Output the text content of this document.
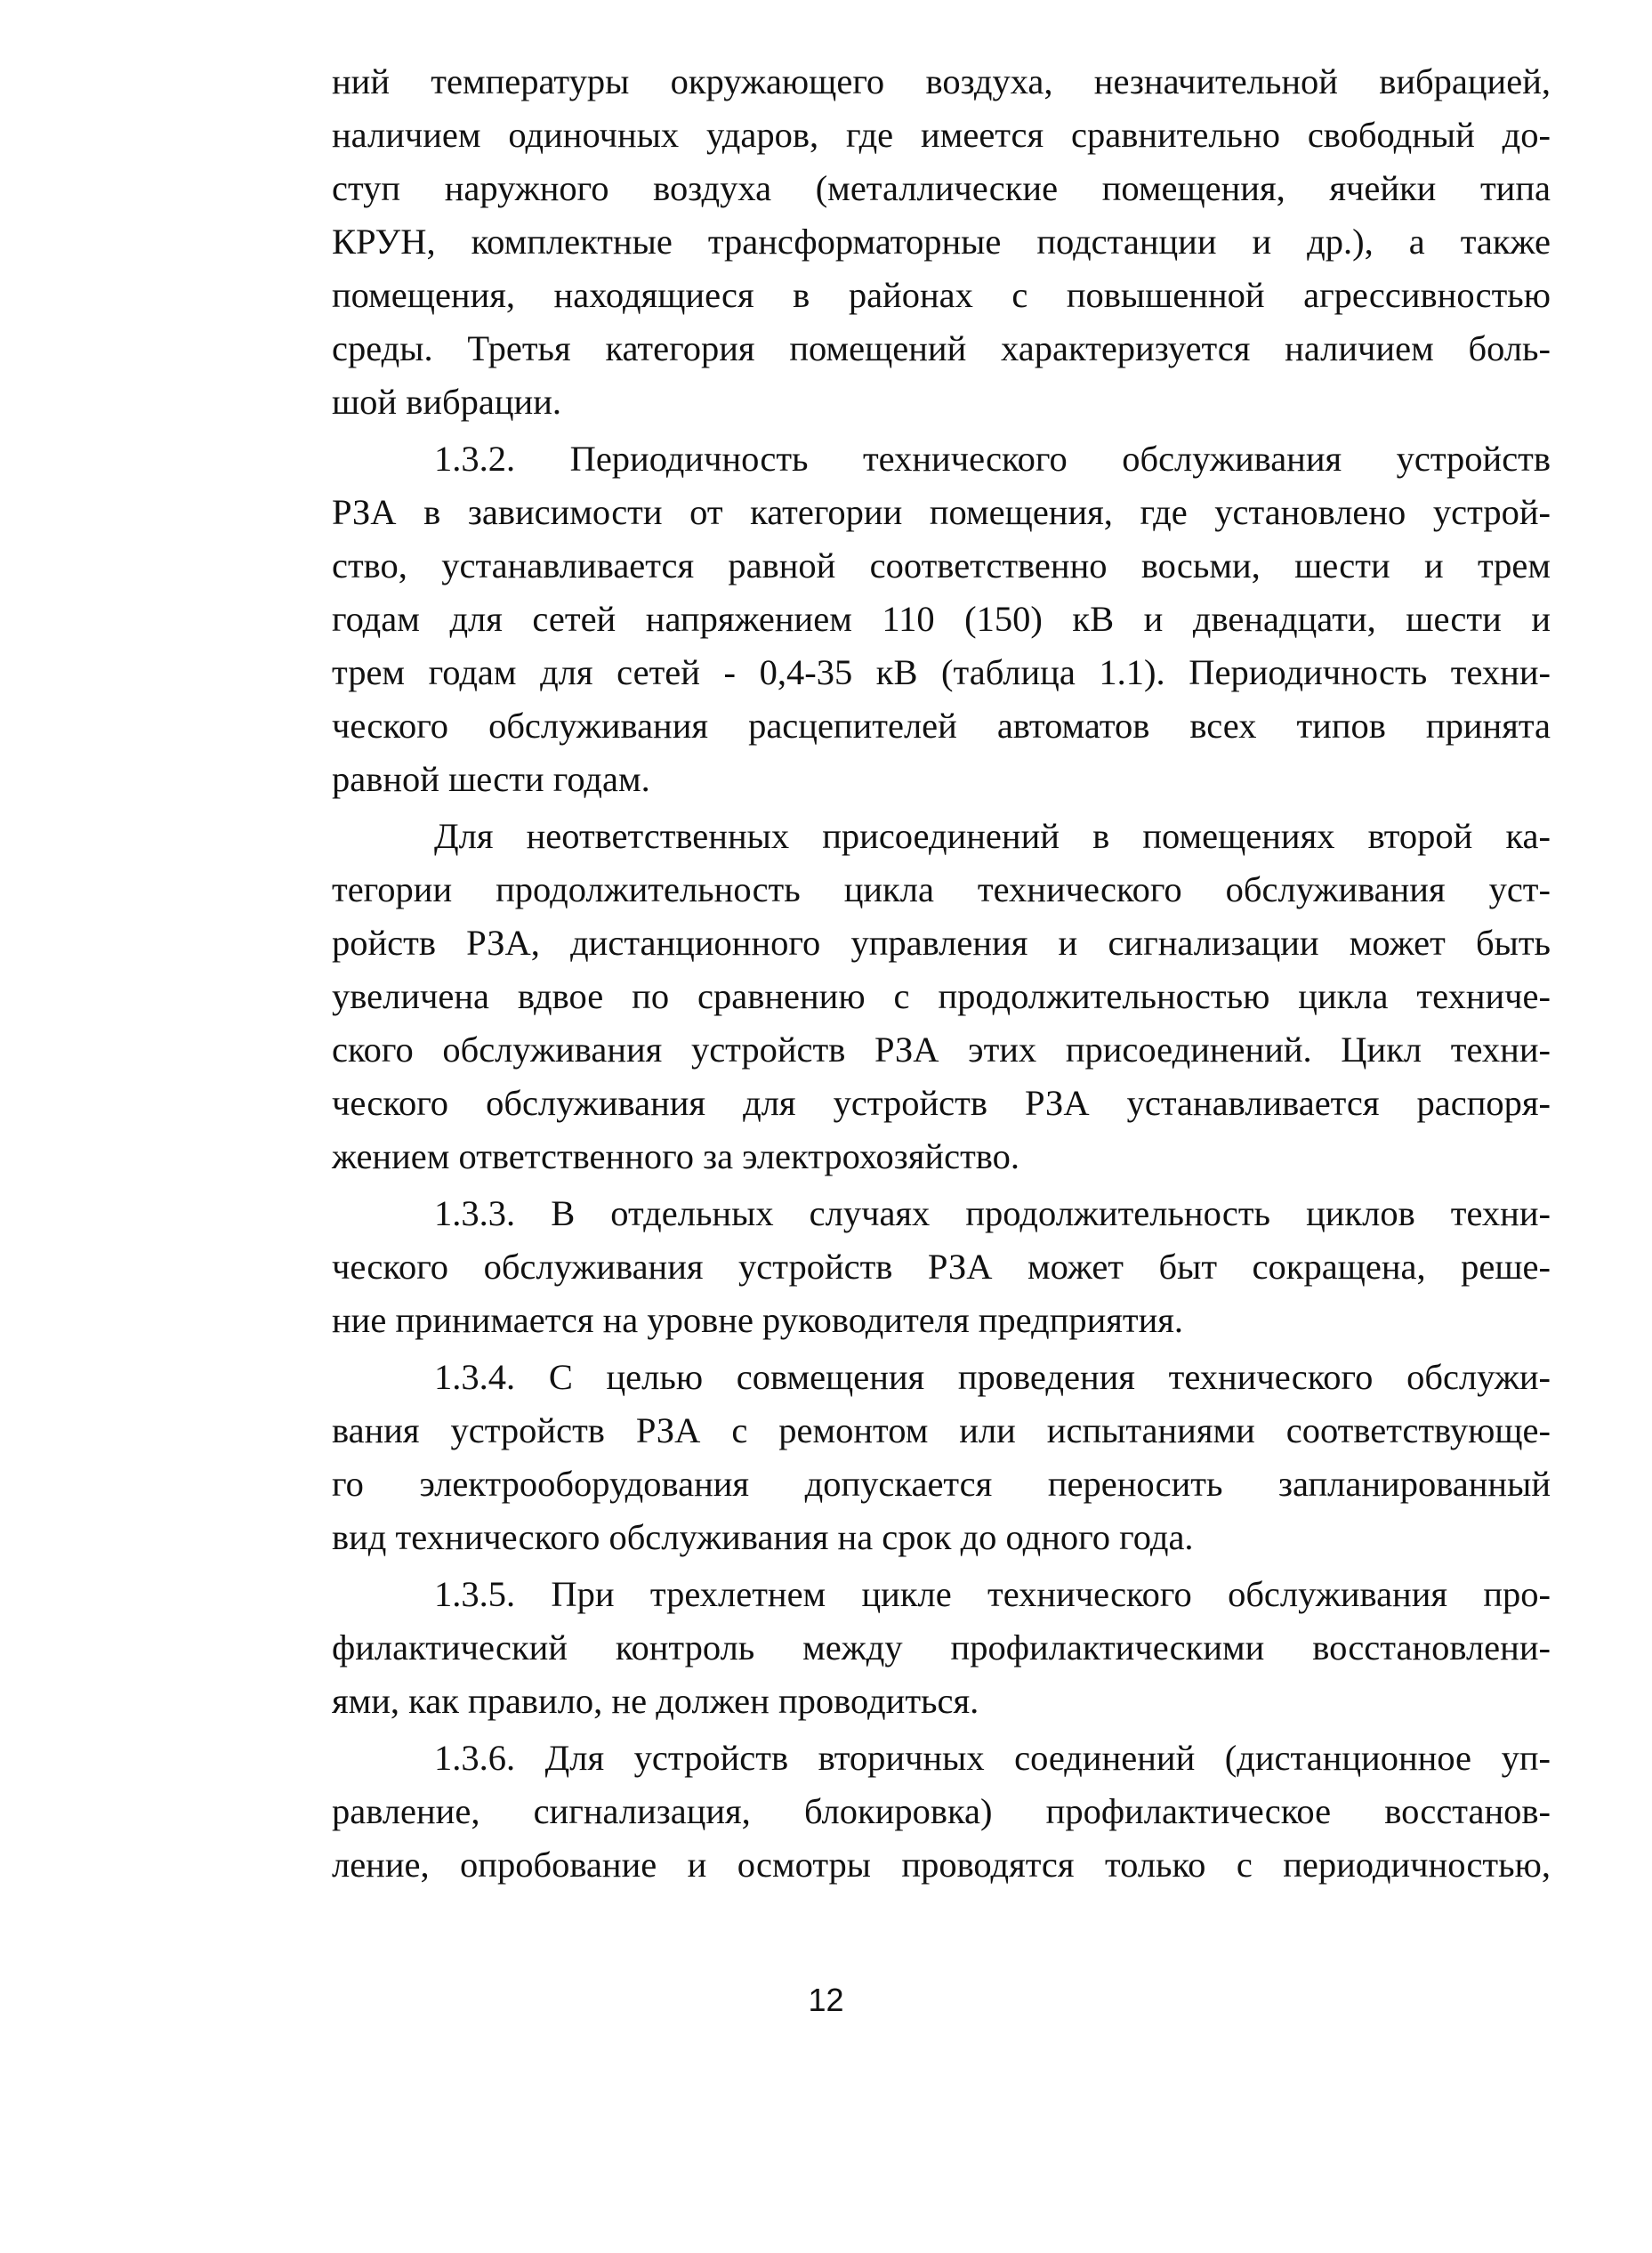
ний температуры окружающего воздуха, незначительной вибрацией,
наличием одиночных ударов, где имеется сравнительно свободный до-
ступ наружного воздуха (металлические помещения, ячейки типа
КРУН, комплектные трансформаторные подстанции и др.), а также
помещения, находящиеся в районах с повышенной агрессивностью
среды. Третья категория помещений характеризуется наличием боль-
шой вибрации.

1.3.2. Периодичность технического обслуживания устройств
РЗА в зависимости от категории помещения, где установлено устрой-
ство, устанавливается равной соответственно восьми, шести и трем
годам для сетей напряжением 110 (150) кВ и двенадцати, шести и
трем годам для сетей - 0,4-35 кВ (таблица 1.1). Периодичность техни-
ческого обслуживания расцепителей автоматов всех типов принята
равной шести годам.

Для неответственных присоединений в помещениях второй ка-
тегории продолжительность цикла технического обслуживания уст-
ройств РЗА, дистанционного управления и сигнализации может быть
увеличена вдвое по сравнению с продолжительностью цикла техниче-
ского обслуживания устройств РЗА этих присоединений. Цикл техни-
ческого обслуживания для устройств РЗА устанавливается распоря-
жением ответственного за электрохозяйство.

1.3.3. В отдельных случаях продолжительность циклов техни-
ческого обслуживания устройств РЗА может быт сокращена, реше-
ние принимается на уровне руководителя предприятия.

1.3.4. С целью совмещения проведения технического обслужи-
вания устройств РЗА с ремонтом или испытаниями соответствующе-
го электрооборудования допускается переносить запланированный
вид технического обслуживания на срок до одного года.

1.3.5. При трехлетнем цикле технического обслуживания про-
филактический контроль между профилактическими восстановлени-
ями, как правило, не должен проводиться.

1.3.6. Для устройств вторичных соединений (дистанционное уп-
равление, сигнализация, блокировка) профилактическое восстанов-
ление, опробование и осмотры проводятся только с периодичностью,

12
